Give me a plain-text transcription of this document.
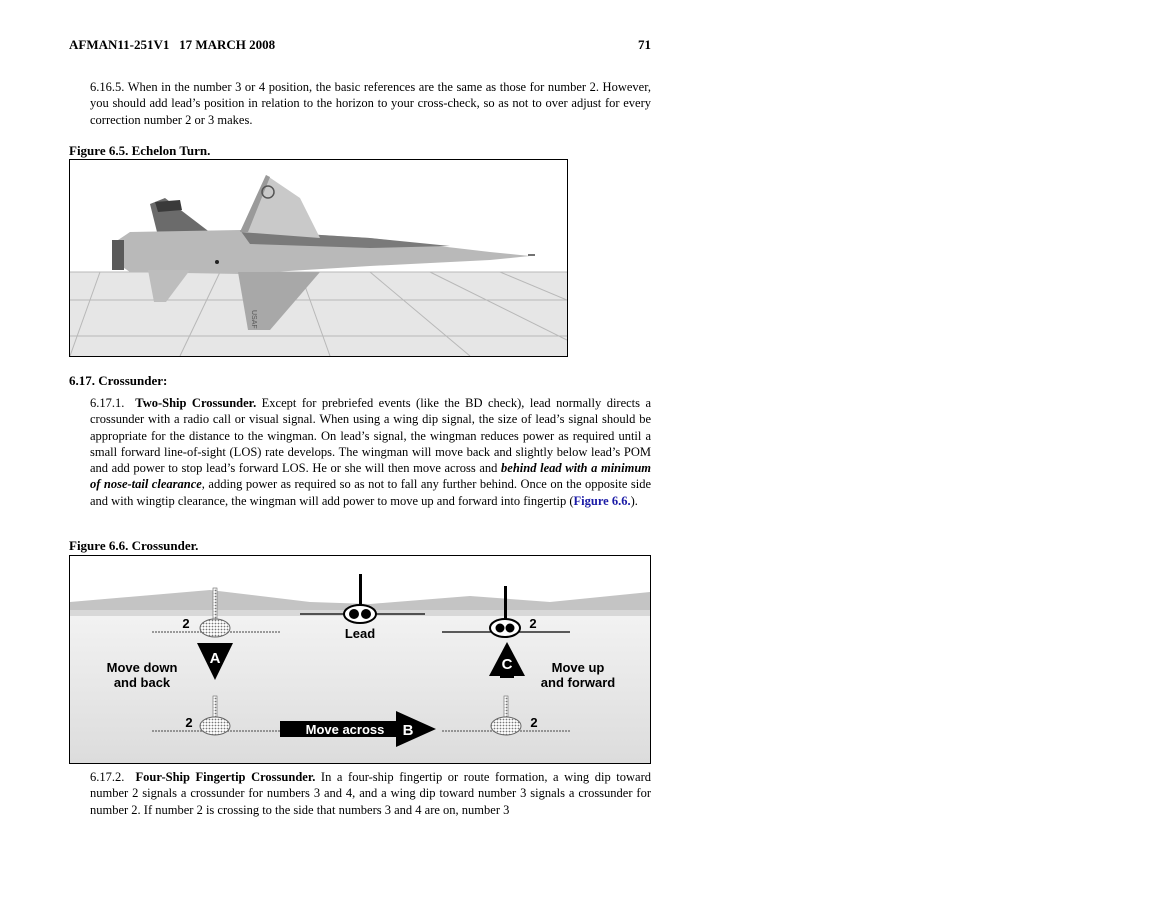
AFMAN11-251V1   17 MARCH 2008	71
6.16.5. When in the number 3 or 4 position, the basic references are the same as those for number 2. However, you should add lead’s position in relation to the horizon to your cross-check, so as not to over adjust for every correction number 2 or 3 makes.
Figure 6.5. Echelon Turn.
USAF
6.17. Crossunder:
6.17.1.  Two-Ship Crossunder. Except for prebriefed events (like the BD check), lead normally directs a crossunder with a radio call or visual signal. When using a wing dip signal, the size of lead’s signal should be appropriate for the distance to the wingman. On lead’s signal, the wingman reduces power as required until a small forward line-of-sight (LOS) rate develops. The wingman will move back and slightly below lead’s POM and add power to stop lead’s forward LOS. He or she will then move across and behind lead with a minimum of nose-tail clearance, adding power as required so as not to fall any further behind. Once on the opposite side and with wingtip clearance, the wingman will add power to move up and forward into fingertip (Figure 6.6.).
Figure 6.6. Crossunder.
Lead
2	2
2	2
A
Move down
and back
C	Move up
and forward
Move across B
6.17.2.  Four-Ship Fingertip Crossunder. In a four-ship fingertip or route formation, a wing dip toward number 2 signals a crossunder for numbers 3 and 4, and a wing dip toward number 3 signals a crossunder for number 2. If number 2 is crossing to the side that numbers 3 and 4 are on, number 3
